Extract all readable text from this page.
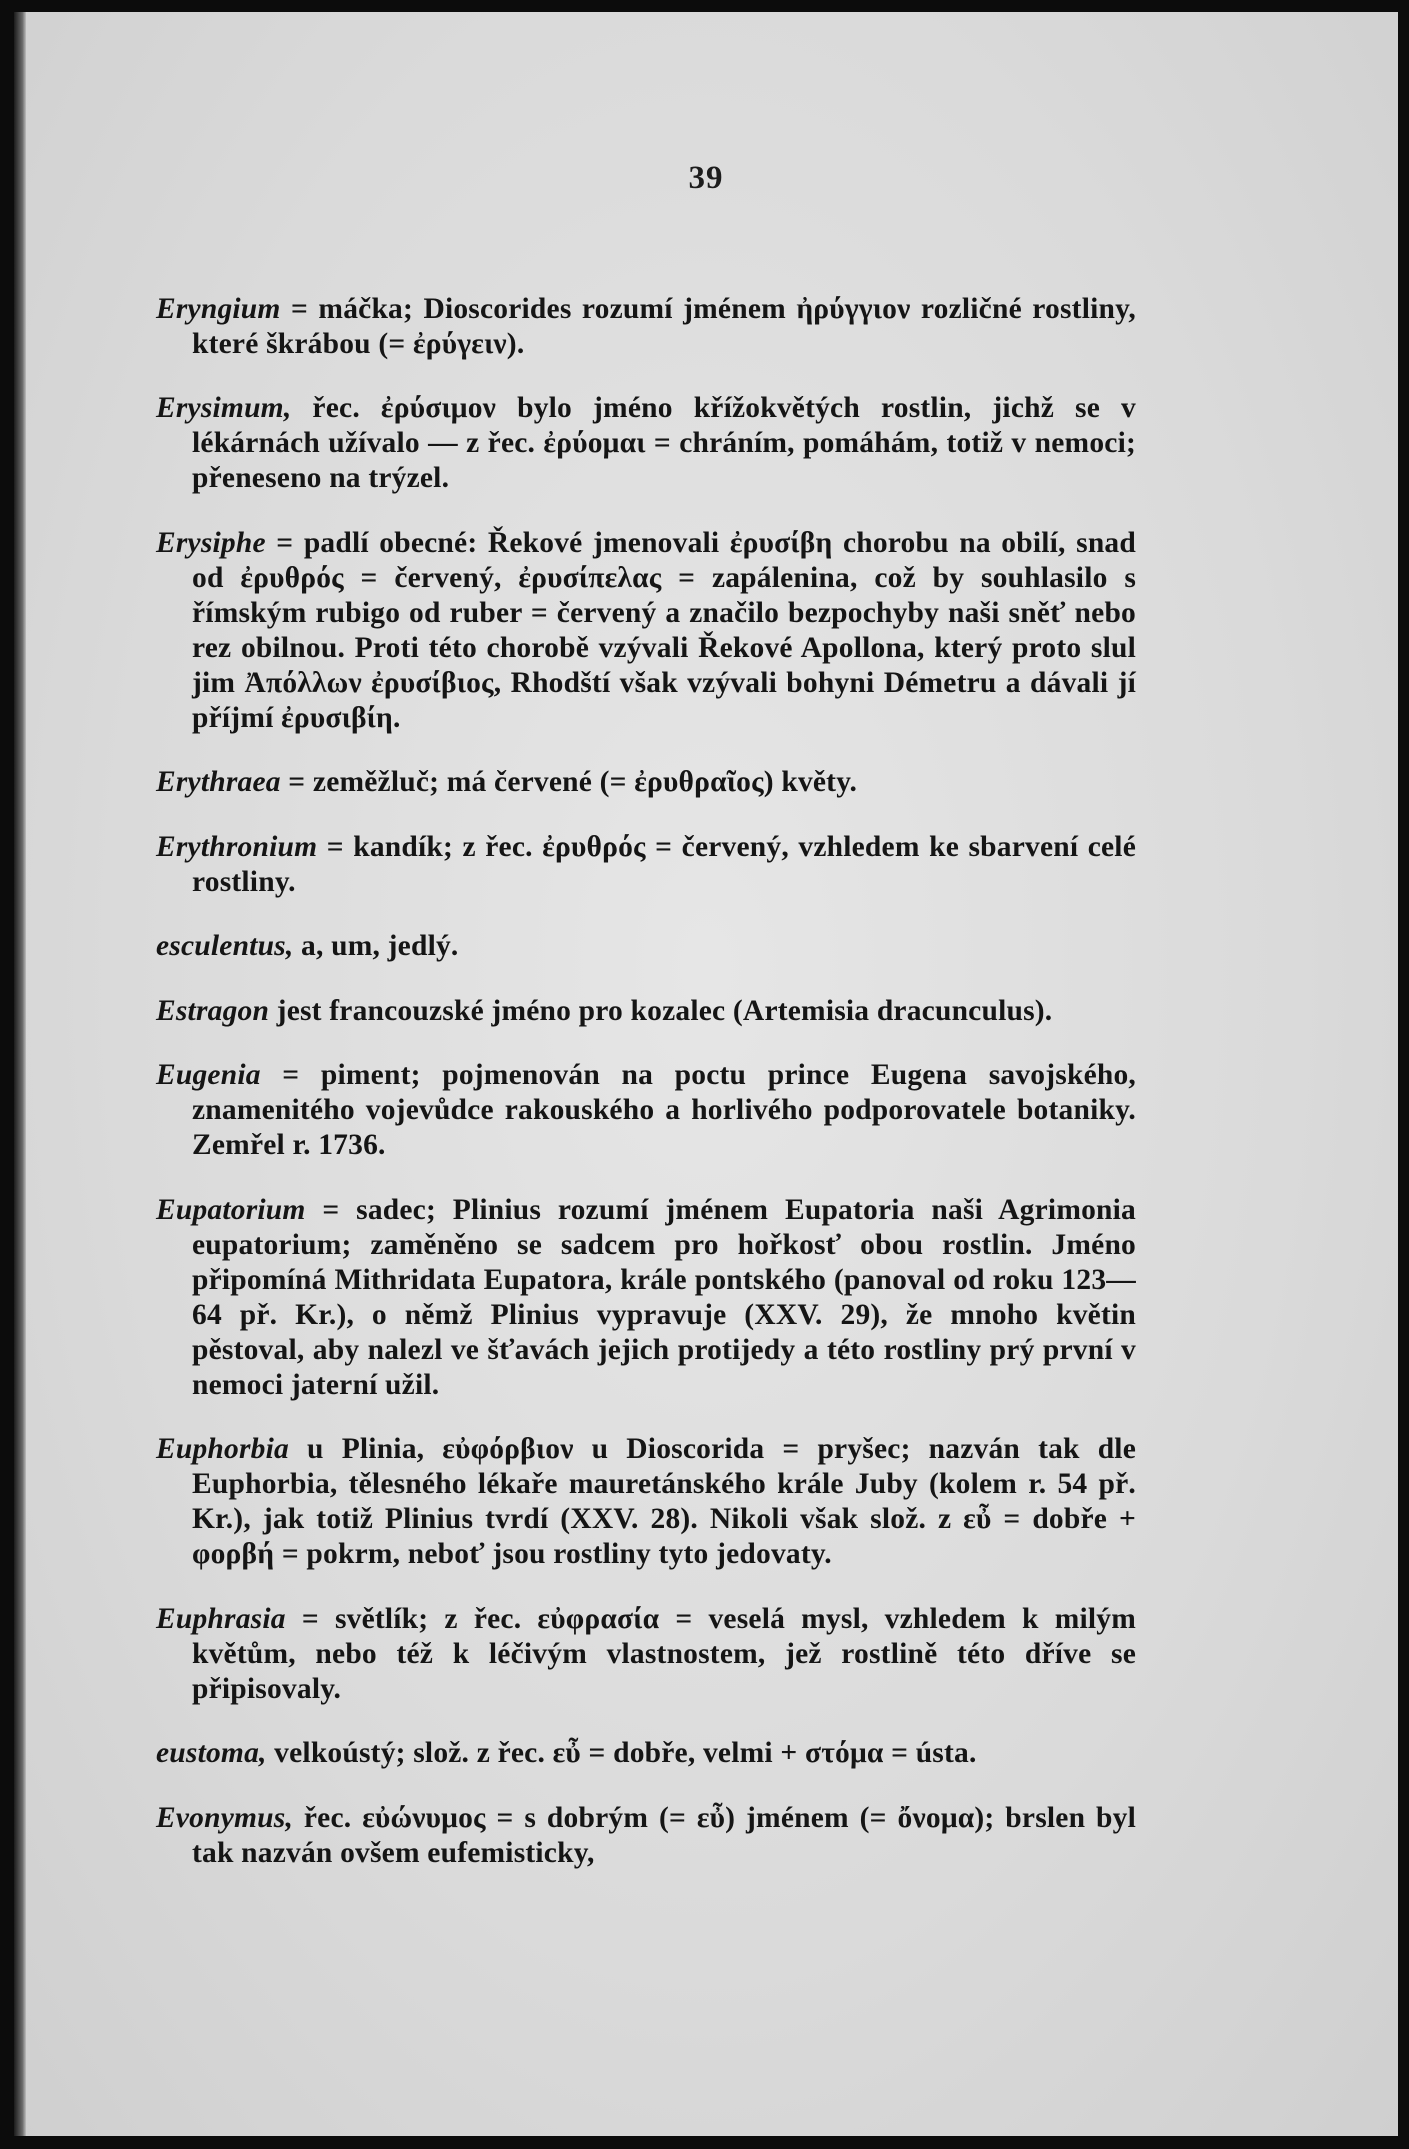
39

Eryngium = máčka; Dioscorides rozumí jménem ἠρύγγιον rozličné rostliny, které škrábou (= ἐρύγειν).

Erysimum, řec. ἐρύσιμον bylo jméno křížokvětých rostlin, jichž se v lékárnách užívalo — z řec. ἐρύομαι = chráním, pomáhám, totiž v nemoci; přeneseno na trýzel.

Erysiphe = padlí obecné: Řekové jmenovali ἐρυσίβη chorobu na obilí, snad od ἐρυθρός = červený, ἐρυσίπελας = zapálenina, což by souhlasilo s římským rubigo od ruber = červený a značilo bezpochyby naši sněť nebo rez obilnou. Proti této chorobě vzývali Řekové Apollona, který proto slul jim Ἀπόλλων ἐρυσίβιος, Rhodští však vzývali bohyni Démetru a dávali jí příjmí ἐρυσιβίη.

Erythraea = zeměžluč; má červené (= ἐρυθραῖος) květy.

Erythronium = kandík; z řec. ἐρυθρός = červený, vzhledem ke sbarvení celé rostliny.

esculentus, a, um, jedlý.

Estragon jest francouzské jméno pro kozalec (Artemisia dracunculus).

Eugenia = piment; pojmenován na poctu prince Eugena savojského, znamenitého vojevůdce rakouského a horlivého podporovatele botaniky. Zemřel r. 1736.

Eupatorium = sadec; Plinius rozumí jménem Eupatoria naši Agrimonia eupatorium; zaměněno se sadcem pro hořkosť obou rostlin. Jméno připomíná Mithridata Eupatora, krále pontského (panoval od roku 123—64 př. Kr.), o němž Plinius vypravuje (XXV. 29), že mnoho květin pěstoval, aby nalezl ve šťavách jejich protijedy a této rostliny prý první v nemoci jaterní užil.

Euphorbia u Plinia, εὐφόρβιον u Dioscorida = pryšec; nazván tak dle Euphorbia, tělesného lékaře mauretánského krále Juby (kolem r. 54 př. Kr.), jak totiž Plinius tvrdí (XXV. 28). Nikoli však slož. z εὖ = dobře + φορβή = pokrm, neboť jsou rostliny tyto jedovaty.

Euphrasia = světlík; z řec. εὐφρασία = veselá mysl, vzhledem k milým květům, nebo též k léčivým vlastnostem, jež rostlině této dříve se připisovaly.

eustoma, velkoústý; slož. z řec. εὖ = dobře, velmi + στόμα = ústa.

Evonymus, řec. εὐώνυμος = s dobrým (= εὖ) jménem (= ὄνομα); brslen byl tak nazván ovšem eufemisticky,
